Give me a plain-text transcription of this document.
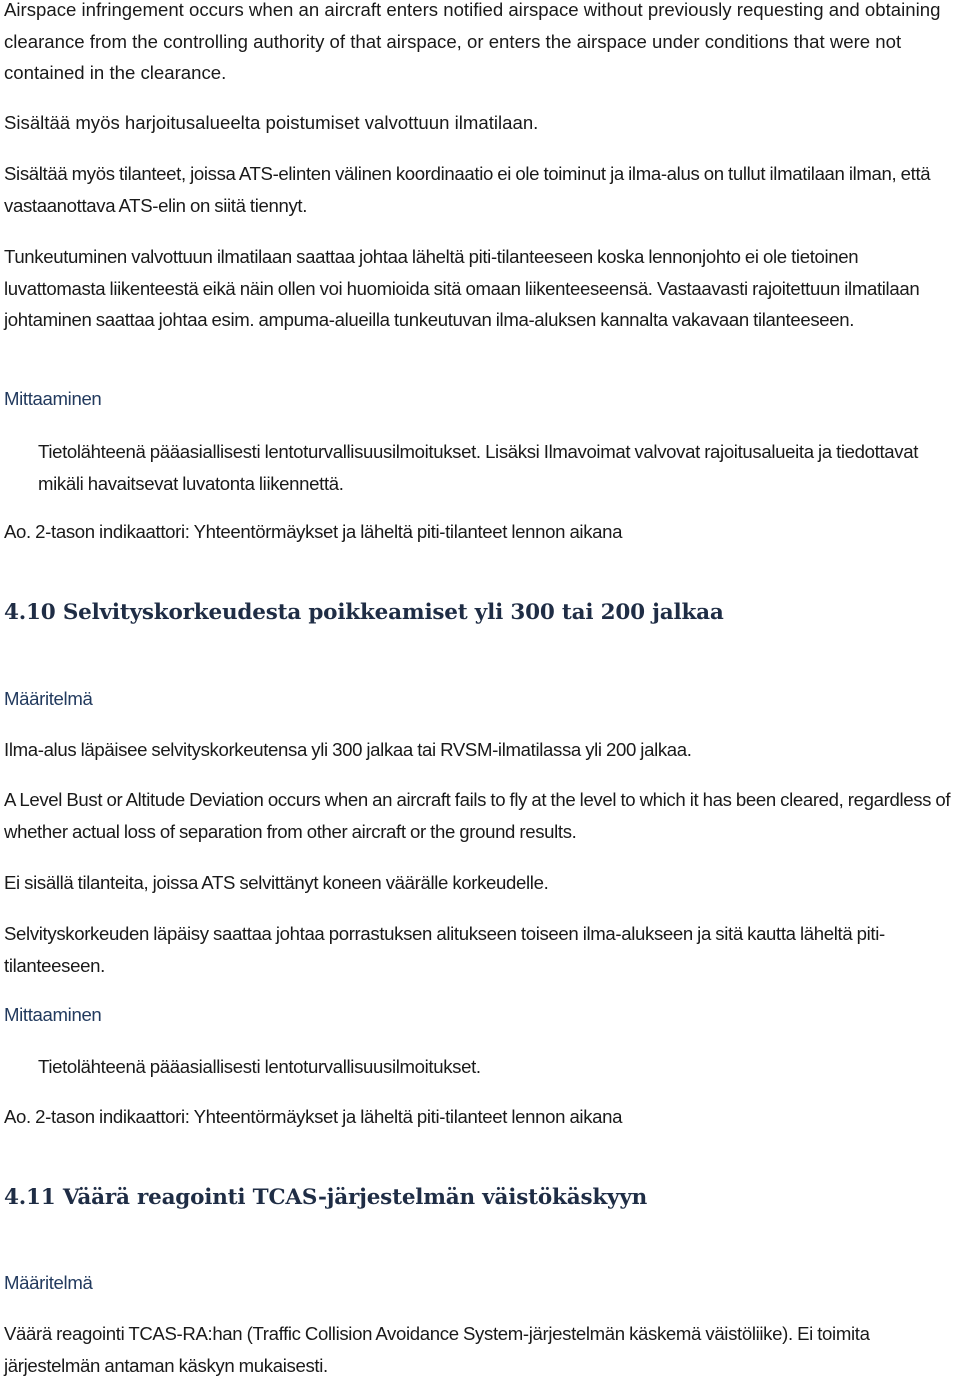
Airspace infringement occurs when an aircraft enters notified airspace without previously requesting and obtaining clearance from the controlling authority of that airspace, or enters the airspace under conditions that were not contained in the clearance.

Sisältää myös harjoitusalueelta poistumiset valvottuun ilmatilaan.

Sisältää myös tilanteet, joissa ATS-elinten välinen koordinaatio ei ole toiminut ja ilma-alus on tullut ilmatilaan ilman, että vastaanottava ATS-elin on siitä tiennyt.

Tunkeutuminen valvottuun ilmatilaan saattaa johtaa läheltä piti-tilanteeseen koska lennonjohto ei ole tietoinen luvattomasta liikenteestä eikä näin ollen voi huomioida sitä omaan liikenteeseensä. Vastaavasti rajoitettuun ilmatilaan johtaminen saattaa johtaa esim. ampuma-alueilla tunkeutuvan ilma-aluksen kannalta vakavaan tilanteeseen.

Mittaaminen

Tietolähteenä pääasiallisesti lentoturvallisuusilmoitukset. Lisäksi Ilmavoimat valvovat rajoitusalueita ja tiedottavat mikäli havaitsevat luvatonta liikennettä.

Ao. 2-tason indikaattori: Yhteentörmäykset ja läheltä piti-tilanteet lennon aikana

4.10 Selvityskorkeudesta poikkeamiset yli 300 tai 200 jalkaa

Määritelmä

Ilma-alus läpäisee selvityskorkeutensa yli 300 jalkaa tai RVSM-ilmatilassa yli 200 jalkaa.

A Level Bust or Altitude Deviation occurs when an aircraft fails to fly at the level to which it has been cleared, regardless of whether actual loss of separation from other aircraft or the ground results.

Ei sisällä tilanteita, joissa ATS selvittänyt koneen väärälle korkeudelle.

Selvityskorkeuden läpäisy saattaa johtaa porrastuksen alitukseen toiseen ilma-alukseen ja sitä kautta läheltä piti-tilanteeseen.

Mittaaminen

Tietolähteenä pääasiallisesti lentoturvallisuusilmoitukset.

Ao. 2-tason indikaattori: Yhteentörmäykset ja läheltä piti-tilanteet lennon aikana

4.11 Väärä reagointi TCAS-järjestelmän väistökäskyyn

Määritelmä

Väärä reagointi TCAS-RA:han (Traffic Collision Avoidance System-järjestelmän käskemä väistöliike). Ei toimita järjestelmän antaman käskyn mukaisesti.
